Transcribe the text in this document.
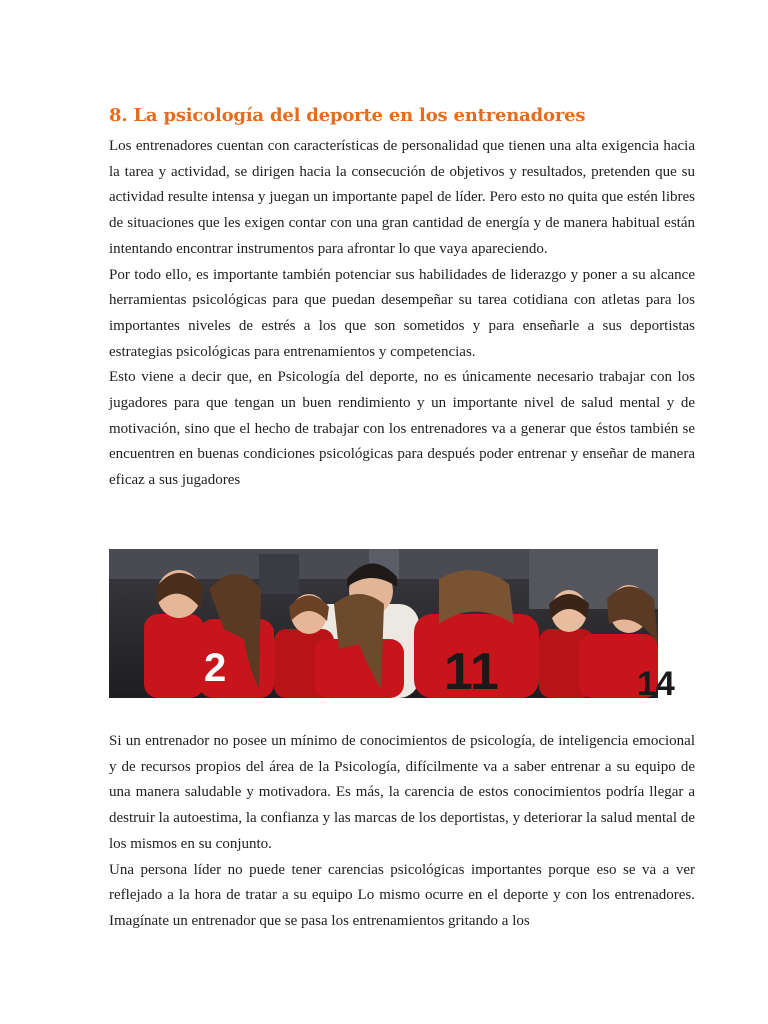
8. La psicología del deporte en los entrenadores

Los entrenadores cuentan con características de personalidad que tienen una alta exigencia hacia la tarea y actividad, se dirigen hacia la consecución de objetivos y resultados, pretenden que su actividad resulte intensa y juegan un importante papel de líder. Pero esto no quita que estén libres de situaciones que les exigen contar con una gran cantidad de energía y de manera habitual están intentando encontrar instrumentos para afrontar lo que vaya apareciendo.

Por todo ello, es importante también potenciar sus habilidades de liderazgo y poner a su alcance herramientas psicológicas para que puedan desempeñar su tarea cotidiana con atletas para los importantes niveles de estrés a los que son sometidos y para enseñarle a sus deportistas estrategias psicológicas para entrenamientos y competencias.

Esto viene a decir que, en Psicología del deporte, no es únicamente necesario trabajar con los jugadores para que tengan un buen rendimiento y un importante nivel de salud mental y de motivación, sino que el hecho de trabajar con los entrenadores va a generar que éstos también se encuentren en buenas condiciones psicológicas para después poder entrenar y enseñar de manera eficaz a sus jugadores

2	11	14

Si un entrenador no posee un mínimo de conocimientos de psicología, de inteligencia emocional y de recursos propios del área de la Psicología, difícilmente va a saber entrenar a su equipo de una manera saludable y motivadora. Es más, la carencia de estos conocimientos podría llegar a destruir la autoestima, la confianza y las marcas de los deportistas, y deteriorar la salud mental de los mismos en su conjunto.

Una persona líder no puede tener carencias psicológicas importantes porque eso se va a ver reflejado a la hora de tratar a su equipo Lo mismo ocurre en el deporte y con los entrenadores. Imagínate un entrenador que se pasa los entrenamientos gritando a los
